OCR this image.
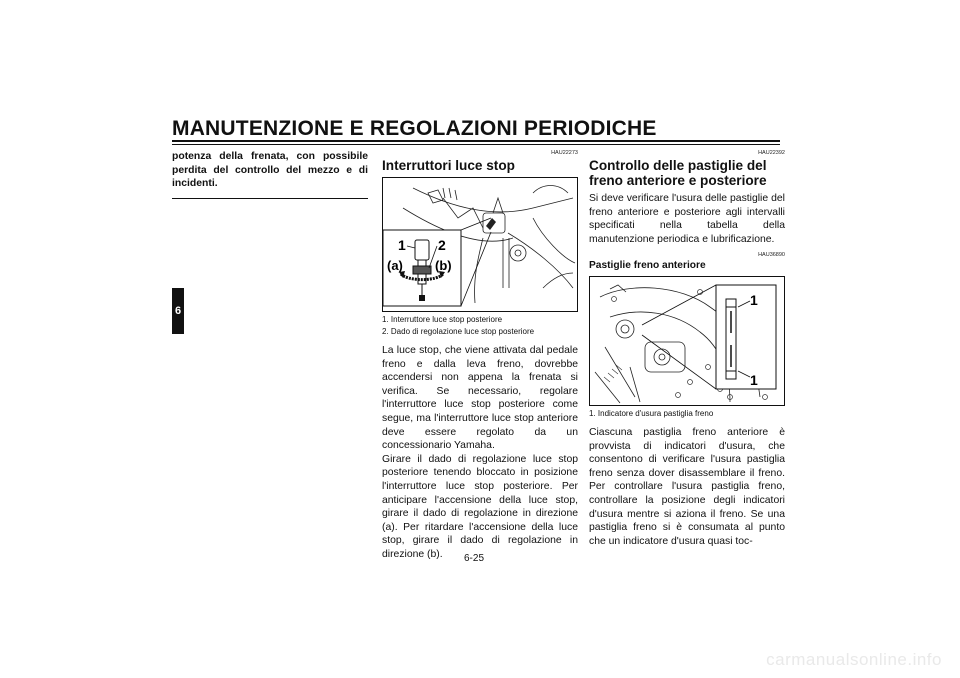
MANUTENZIONE E REGOLAZIONI PERIODICHE
6
potenza della frenata, con possibile perdita del controllo del mezzo e di incidenti.
HAU22273
Interruttori luce stop
1 2
(a) (b)
1. Interruttore luce stop posteriore
2. Dado di regolazione luce stop posteriore

La luce stop, che viene attivata dal pedale freno e dalla leva freno, dovrebbe accendersi non appena la frenata si verifica. Se necessario, regolare l'interruttore luce stop posteriore come segue, ma l'interruttore luce stop anteriore deve essere regolato da un concessionario Yamaha.

Girare il dado di regolazione luce stop posteriore tenendo bloccato in posizione l'interruttore luce stop posteriore. Per anticipare l'accensione della luce stop, girare il dado di regolazione in direzione (a). Per ritardare l'accensione della luce stop, girare il dado di regolazione in direzione (b).

HAU22392
Controllo delle pastiglie del freno anteriore e posteriore

Si deve verificare l'usura delle pastiglie del freno anteriore e posteriore agli intervalli specificati nella tabella della manutenzione periodica e lubrificazione.

HAU36890
Pastiglie freno anteriore
1
1
1. Indicatore d'usura pastiglia freno

Ciascuna pastiglia freno anteriore è provvista di indicatori d'usura, che consentono di verificare l'usura pastiglia freno senza dover disassemblare il freno. Per controllare l'usura pastiglia freno, controllare la posizione degli indicatori d'usura mentre si aziona il freno. Se una pastiglia freno si è consumata al punto che un indicatore d'usura quasi toc-

6-25
carmanualsonline.info
